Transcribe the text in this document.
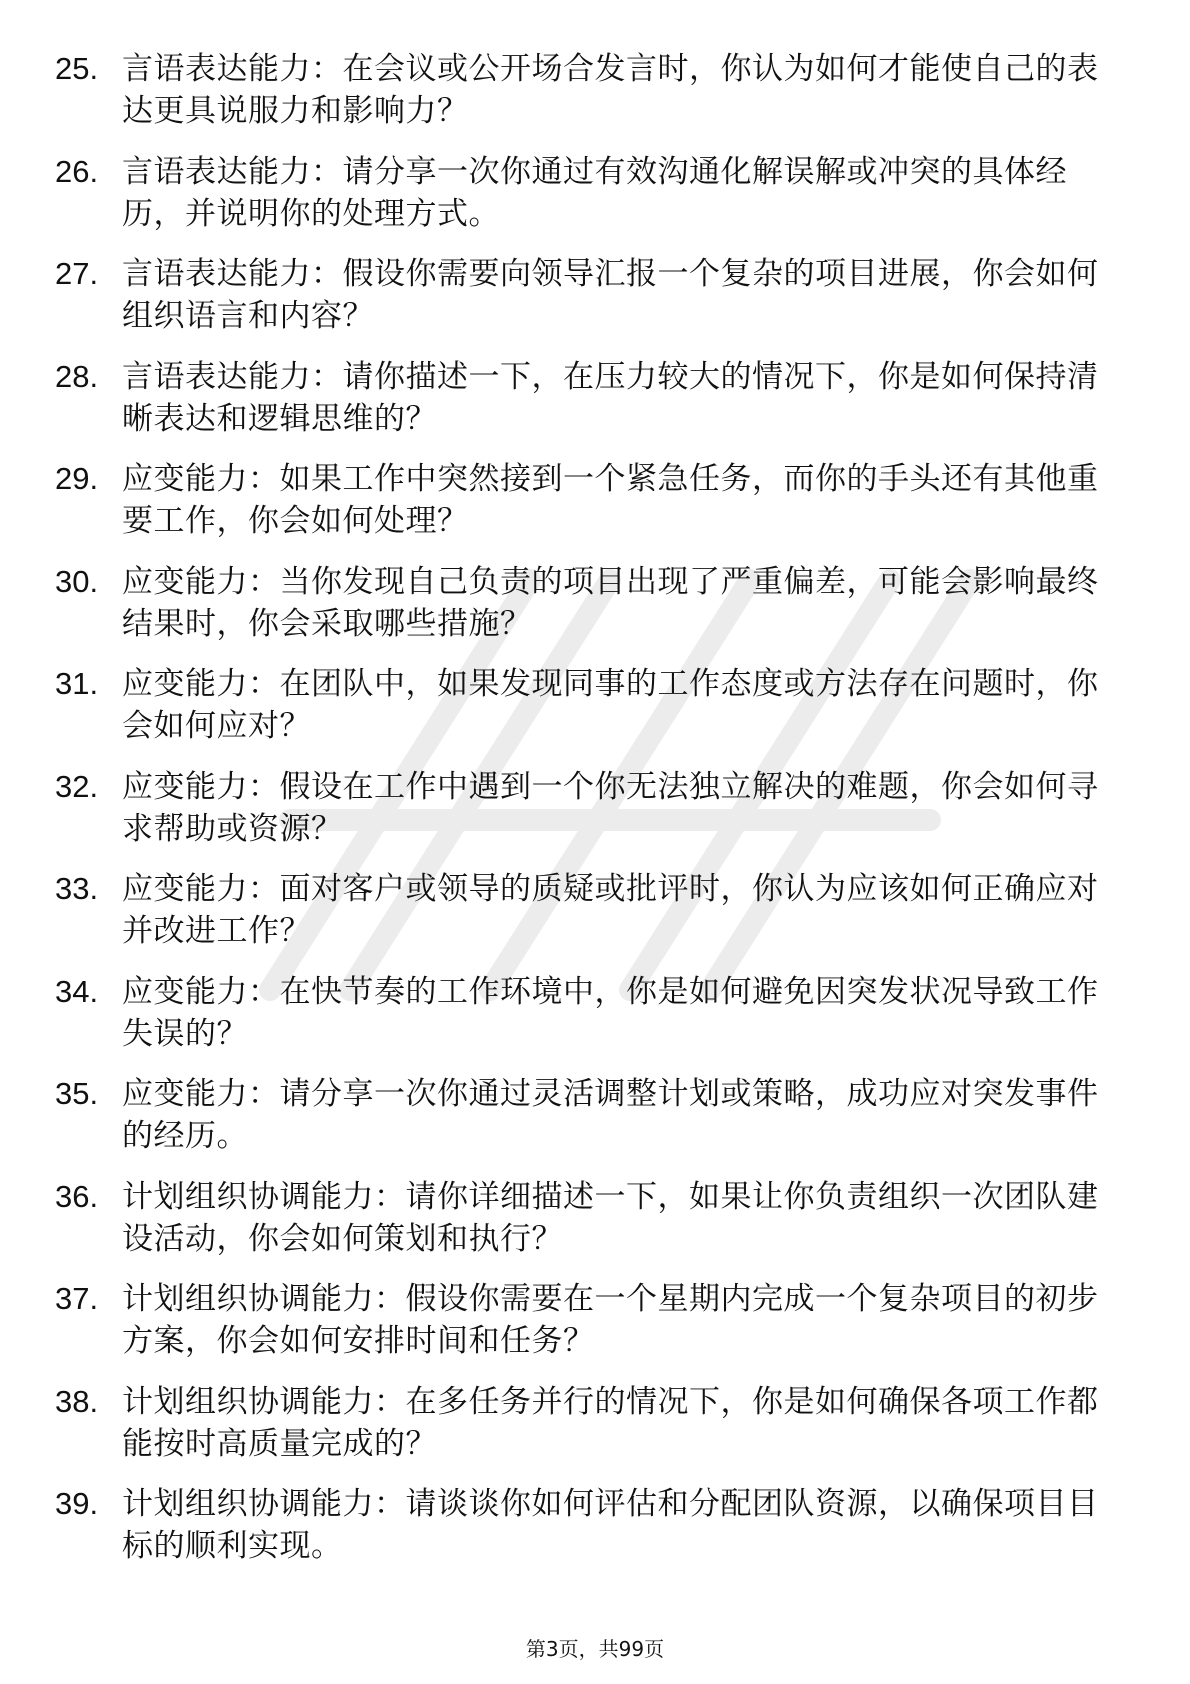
25. 言语表达能力：在会议或公开场合发言时，你认为如何才能使自己的表达更具说服力和影响力？
26. 言语表达能力：请分享一次你通过有效沟通化解误解或冲突的具体经历，并说明你的处理方式。
27. 言语表达能力：假设你需要向领导汇报一个复杂的项目进展，你会如何组织语言和内容？
28. 言语表达能力：请你描述一下，在压力较大的情况下，你是如何保持清晰表达和逻辑思维的？
29. 应变能力：如果工作中突然接到一个紧急任务，而你的手头还有其他重要工作，你会如何处理？
30. 应变能力：当你发现自己负责的项目出现了严重偏差，可能会影响最终结果时，你会采取哪些措施？
31. 应变能力：在团队中，如果发现同事的工作态度或方法存在问题时，你会如何应对？
32. 应变能力：假设在工作中遇到一个你无法独立解决的难题，你会如何寻求帮助或资源？
33. 应变能力：面对客户或领导的质疑或批评时，你认为应该如何正确应对并改进工作？
34. 应变能力：在快节奏的工作环境中，你是如何避免因突发状况导致工作失误的？
35. 应变能力：请分享一次你通过灵活调整计划或策略，成功应对突发事件的经历。
36. 计划组织协调能力：请你详细描述一下，如果让你负责组织一次团队建设活动，你会如何策划和执行？
37. 计划组织协调能力：假设你需要在一个星期内完成一个复杂项目的初步方案，你会如何安排时间和任务？
38. 计划组织协调能力：在多任务并行的情况下，你是如何确保各项工作都能按时高质量完成的？
39. 计划组织协调能力：请谈谈你如何评估和分配团队资源，以确保项目目标的顺利实现。
第3页，共99页
